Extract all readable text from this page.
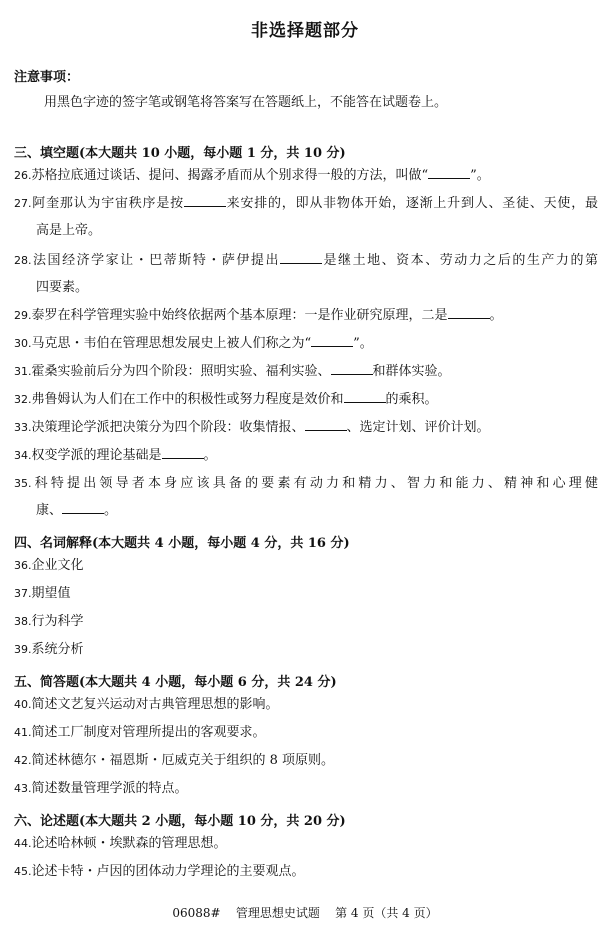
非选择题部分
注意事项：
用黑色字迹的签字笔或钢笔将答案写在答题纸上，不能答在试题卷上。
三、填空题(本大题共 10 小题，每小题 1 分，共 10 分)
26.苏格拉底通过谈话、提问、揭露矛盾而从个别求得一般的方法，叫做“	”。
27.阿奎那认为宇宙秩序是按	来安排的，即从非物体开始，逐渐上升到人、圣徒、天使，最
高是上帝。
28.法国经济学家让・巴蒂斯特・萨伊提出	是继土地、资本、劳动力之后的生产力的第
四要素。
29.泰罗在科学管理实验中始终依据两个基本原理：一是作业研究原理，二是	。
30.马克思・韦伯在管理思想发展史上被人们称之为“	”。
31.霍桑实验前后分为四个阶段：照明实验、福利实验、	和群体实验。
32.弗鲁姆认为人们在工作中的积极性或努力程度是效价和	的乘积。
33.决策理论学派把决策分为四个阶段：收集情报、	、选定计划、评价计划。
34.权变学派的理论基础是	。
35.科特提出领导者本身应该具备的要素有动力和精力、智力和能力、精神和心理健
康、	。
四、名词解释(本大题共 4 小题，每小题 4 分，共 16 分)
36.企业文化
37.期望值
38.行为科学
39.系统分析
五、简答题(本大题共 4 小题，每小题 6 分，共 24 分)
40.简述文艺复兴运动对古典管理思想的影响。
41.简述工厂制度对管理所提出的客观要求。
42.简述林德尔・福恩斯・厄威克关于组织的 8 项原则。
43.简述数量管理学派的特点。
六、论述题(本大题共 2 小题，每小题 10 分，共 20 分)
44.论述哈林顿・埃默森的管理思想。
45.论述卡特・卢因的团体动力学理论的主要观点。
06088#    管理思想史试题    第 4 页（共 4 页）
